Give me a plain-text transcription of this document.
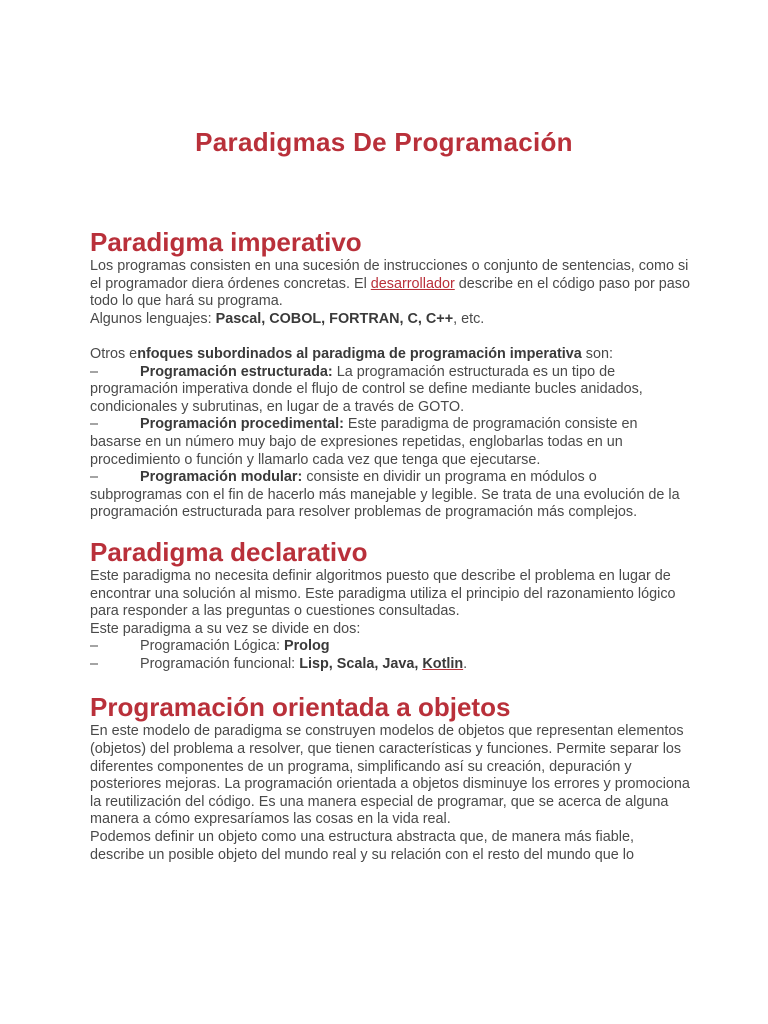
Paradigmas De Programación
Paradigma imperativo

Los programas consisten en una sucesión de instrucciones o conjunto de sentencias, como si el programador diera órdenes concretas. El desarrollador describe en el código paso por paso todo lo que hará su programa.

Algunos lenguajes: Pascal, COBOL, FORTRAN, C, C++, etc.

Otros enfoques subordinados al paradigma de programación imperativa son:

–	Programación estructurada: La programación estructurada es un tipo de programación imperativa donde el flujo de control se define mediante bucles anidados, condicionales y subrutinas, en lugar de a través de GOTO.

–	Programación procedimental: Este paradigma de programación consiste en basarse en un número muy bajo de expresiones repetidas, englobarlas todas en un procedimiento o función y llamarlo cada vez que tenga que ejecutarse.

–	Programación modular: consiste en dividir un programa en módulos o subprogramas con el fin de hacerlo más manejable y legible. Se trata de una evolución de la programación estructurada para resolver problemas de programación más complejos.

Paradigma declarativo

Este paradigma no necesita definir algoritmos puesto que describe el problema en lugar de encontrar una solución al mismo. Este paradigma utiliza el principio del razonamiento lógico para responder a las preguntas o cuestiones consultadas.

Este paradigma a su vez se divide en dos:

–	Programación Lógica: Prolog

–	Programación funcional: Lisp, Scala, Java, Kotlin.

Programación orientada a objetos

En este modelo de paradigma se construyen modelos de objetos que representan elementos (objetos) del problema a resolver, que tienen características y funciones. Permite separar los diferentes componentes de un programa, simplificando así su creación, depuración y posteriores mejoras. La programación orientada a objetos disminuye los errores y promociona la reutilización del código. Es una manera especial de programar, que se acerca de alguna manera a cómo expresaríamos las cosas en la vida real.

Podemos definir un objeto como una estructura abstracta que, de manera más fiable, describe un posible objeto del mundo real y su relación con el resto del mundo que lo
